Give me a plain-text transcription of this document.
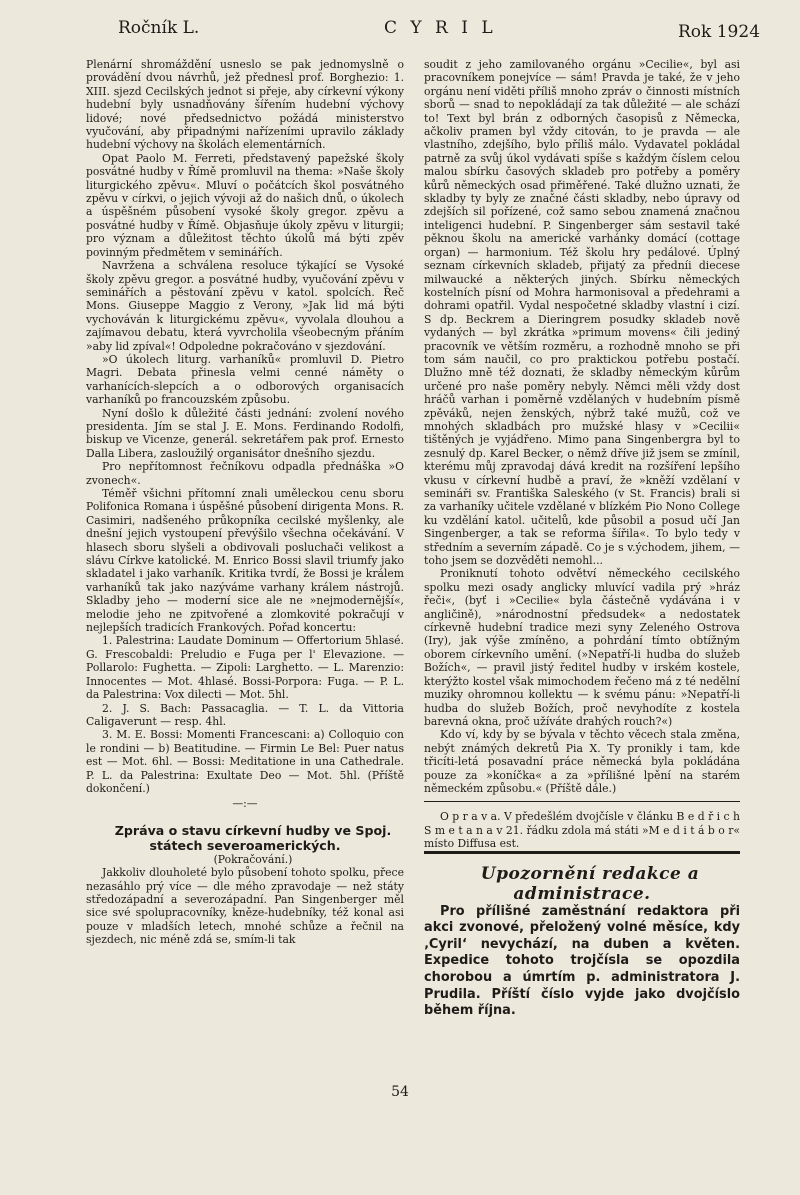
Ročník L.	C Y R I L	Rok 1924

Plenární shromáždění usneslo se pak jednomyslně o provádění dvou návrhů, jež přednesl prof. Borghezio: 1. XIII. sjezd Cecilských jednot si přeje, aby církevní výkony hudební byly usnadňovány šířením hudební výchovy lidové; nové předsednictvo požádá ministerstvo vyučování, aby připadnými nařízeními upravilo základy hudební výchovy na školách elementárních.

Opat Paolo M. Ferreti, představený papežské školy posvátné hudby v Římě promluvil na thema: »Naše školy liturgického zpěvu«. Mluví o počátcích škol posvátného zpěvu v církvi, o jejich vývoji až do našich dnů, o úkolech a úspěšném působení vysoké školy gregor. zpěvu a posvátné hudby v Římě. Objasňuje úkoly zpěvu v liturgii; pro význam a důležitost těchto úkolů má býti zpěv povinným předmětem v seminářích.

Navržena a schválena resoluce týkající se Vysoké školy zpěvu gregor. a posvátné hudby, vyučování zpěvu v seminářích a pěstování zpěvu v katol. spolcích. Řeč Mons. Giuseppe Maggio z Verony, »Jak lid má býti vychováván k liturgickému zpěvu«, vyvolala dlouhou a zajímavou debatu, která vyvrcholila všeobecným přáním »aby lid zpíval«! Odpoledne pokračováno v sjezdování.

»O úkolech liturg. varhaníků« promluvil D. Pietro Magri. Debata přinesla velmi cenné náměty o varhanících-slepcích a o odborových organisacích varhaníků po francouzském způsobu.

Nyní došlo k důležité části jednání: zvolení nového presidenta. Jím se stal J. E. Mons. Ferdinando Rodolfi, biskup ve Vicenze, generál. sekretářem pak prof. Ernesto Dalla Libera, zasloužilý organisátor dnešního sjezdu.

Pro nepřítomnost řečníkovu odpadla přednáška »O zvonech«.

Téměř všichni přítomní znali uměleckou cenu sboru Polifonica Romana i úspěšné působení dirigenta Mons. R. Casimiri, nadšeného průkopníka cecilské myšlenky, ale dnešní jejich vystoupení převýšilo všechna očekávání. V hlasech sboru slyšeli a obdivovali posluchači velikost a slávu Církve katolické. M. Enrico Bossi slavil triumfy jako skladatel i jako varhaník. Kritika tvrdí, že Bossi je králem varhaníků tak jako nazýváme varhany králem nástrojů. Skladby jeho — moderní sice ale ne »nejmodernější«, melodie jeho ne zpitvořené a zlomkovité pokračují v nejlepších tradicích Frankových. Pořad koncertu:

1. Palestrina: Laudate Dominum — Offertorium 5hlasé. G. Frescobaldi: Preludio e Fuga per l' Elevazione. — Pollarolo: Fughetta. — Zipoli: Larghetto. — L. Marenzio: Innocentes — Mot. 4hlasé. Bossi-Porpora: Fuga. — P. L. da Palestrina: Vox dilecti — Mot. 5hl.

2. J. S. Bach: Passacaglia. — T. L. da Vittoria Caligaverunt — resp. 4hl.

3. M. E. Bossi: Momenti Francescani: a) Colloquio con le rondini — b) Beatitudine. — Firmin Le Bel: Puer natus est — Mot. 6hl. — Bossi: Meditatione in una Cathedrale. P. L. da Palestrina: Exultate Deo — Mot. 5hl. (Příště dokončení.)

—:—

Zpráva o stavu církevní hudby ve Spoj. státech severoamerických.

(Pokračování.)

Jakkoliv dlouholeté bylo působení tohoto spolku, přece nezasáhlo prý více — dle mého zpravodaje — než státy středozápadní a severozápadní. Pan Singenberger měl sice své spolupracovníky, kněze-hudebníky, též konal asi pouze v mladších letech, mnohé schůze a řečnil na sjezdech, nic méně zdá se, smím-li tak

soudit z jeho zamilovaného orgánu »Cecilie«, byl asi pracovníkem ponejvíce — sám! Pravda je také, že v jeho orgánu není viděti příliš mnoho zpráv o činnosti místních sborů — snad to nepokládají za tak důležité — ale schází to! Text byl brán z odborných časopisů z Německa, ačkoliv pramen byl vždy citován, to je pravda — ale vlastního, zdejšího, bylo příliš málo. Vydavatel pokládal patrně za svůj úkol vydávati spíše s každým číslem celou malou sbírku časových skladeb pro potřeby a poměry kůrů německých osad přiměřené. Také dlužno uznati, že skladby ty byly ze značné části skladby, nebo úpravy od zdejších sil pořízené, což samo sebou znamená značnou inteligenci hudební. P. Singenberger sám sestavil také pěknou školu na americké varhánky domácí (cottage organ) — harmonium. Též školu hry pedálové. Úplný seznam církevních skladeb, přijatý za předníi diecese milwaucké a některých jiných. Sbírku německých kostelních písní od Mohra harmonisoval a předehrami a dohrami opatřil. Vydal nespočetné skladby vlastní i cizí. S dp. Beckrem a Dieringrem posudky skladeb nově vydaných — byl zkrátka »primum movens« čili jediný pracovník ve větším rozměru, a rozhodně mnoho se při tom sám naučil, co pro praktickou potřebu postačí. Dlužno mně též doznati, že skladby německým kůrům určené pro naše poměry nebyly. Němci měli vždy dost hráčů varhan i poměrně vzdělaných v hudebním písmě zpěváků, nejen ženských, nýbrž také mužů, což ve mnohých skladbách pro mužské hlasy v »Cecilii« tištěných je vyjádřeno. Mimo pana Singenbergra byl to zesnulý dp. Karel Becker, o němž dříve již jsem se zmínil, kterému můj zpravodaj dává kredit na rozšíření lepšího vkusu v církevní hudbě a praví, že »kněží vzdělaní v semináři sv. Františka Saleského (v St. Francis) brali si za varhaníky učitele vzdělané v blízkém Pio Nono College ku vzdělání katol. učitelů, kde působil a posud učí Jan Singenberger, a tak se reforma šířila«. To bylo tedy v středním a severním západě. Co je s v.ýchodem, jihem, — toho jsem se dozvěděti nemohl...

Proniknutí tohoto odvětví německého cecilského spolku mezi osady anglicky mluvící vadila prý »hráz řeči«, (byť i »Cecilie« byla částečně vydávána i v angličině), »národnostní předsudek« a nedostatek církevně hudební tradice mezi syny Zeleného Ostrova (Iry), jak výše zmíněno, a pohrdání tímto obtížným oborem církevního umění. (»Nepatří-li hudba do služeb Božích«, — pravil jistý ředitel hudby v irském kostele, kterýžto kostel však mimochodem řečeno má z té nedělní muziky ohromnou kollektu — k svému pánu: »Nepatří-li hudba do služeb Božích, proč nevyhodíte z kostela barevná okna, proč užíváte drahých rouch?«)

Kdo ví, kdy by se bývala v těchto věcech stala změna, nebýt známých dekretů Pia X. Ty pronikly i tam, kde třicíti-letá posavadní práce německá byla pokládána pouze za »koníčka« a za »přílišné lpění na starém německém způsobu.« (Příště dále.)

O p r a v a. V předešlém dvojčísle v článku B e d ř i c h S m e t a n a v 21. řádku zdola má státi »M e d i t á b o r« místo Diffusa est.

Upozornění redakce a administrace.

Pro přílišné zaměstnání redaktora při akci zvonové, přeložený volné měsíce, kdy ‚Cyril‘ nevychází, na duben a květen. Expedice tohoto trojčísla se opozdila chorobou a úmrtím p. administratora J. Prudila. Příští číslo vyjde jako dvojčíslo během října.

54
